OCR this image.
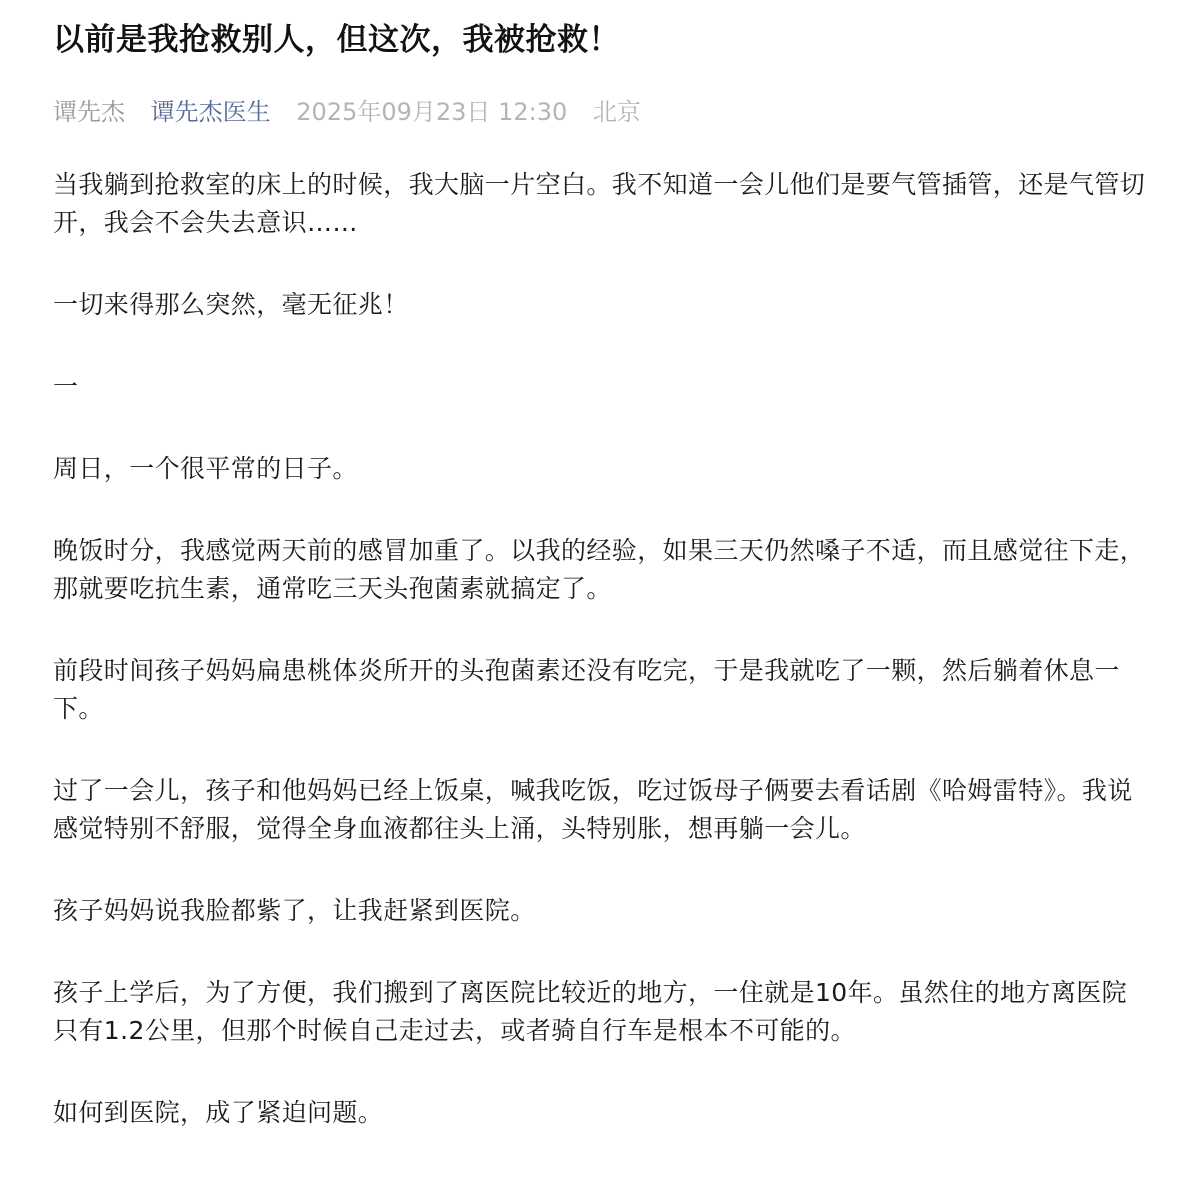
以前是我抢救别人，但这次，我被抢救！
谭先杰 谭先杰医生 2025年09月23日 12:30 北京

当我躺到抢救室的床上的时候，我大脑一片空白。我不知道一会儿他们是要气管插管，还是气管切开，我会不会失去意识……

一切来得那么突然，毫无征兆！

一

周日，一个很平常的日子。

晚饭时分，我感觉两天前的感冒加重了。以我的经验，如果三天仍然嗓子不适，而且感觉往下走，那就要吃抗生素，通常吃三天头孢菌素就搞定了。

前段时间孩子妈妈扁患桃体炎所开的头孢菌素还没有吃完，于是我就吃了一颗，然后躺着休息一下。

过了一会儿，孩子和他妈妈已经上饭桌，喊我吃饭，吃过饭母子俩要去看话剧《哈姆雷特》。我说感觉特别不舒服，觉得全身血液都往头上涌，头特别胀，想再躺一会儿。

孩子妈妈说我脸都紫了，让我赶紧到医院。

孩子上学后，为了方便，我们搬到了离医院比较近的地方，一住就是10年。虽然住的地方离医院只有1.2公里，但那个时候自己走过去，或者骑自行车是根本不可能的。

如何到医院，成了紧迫问题。
